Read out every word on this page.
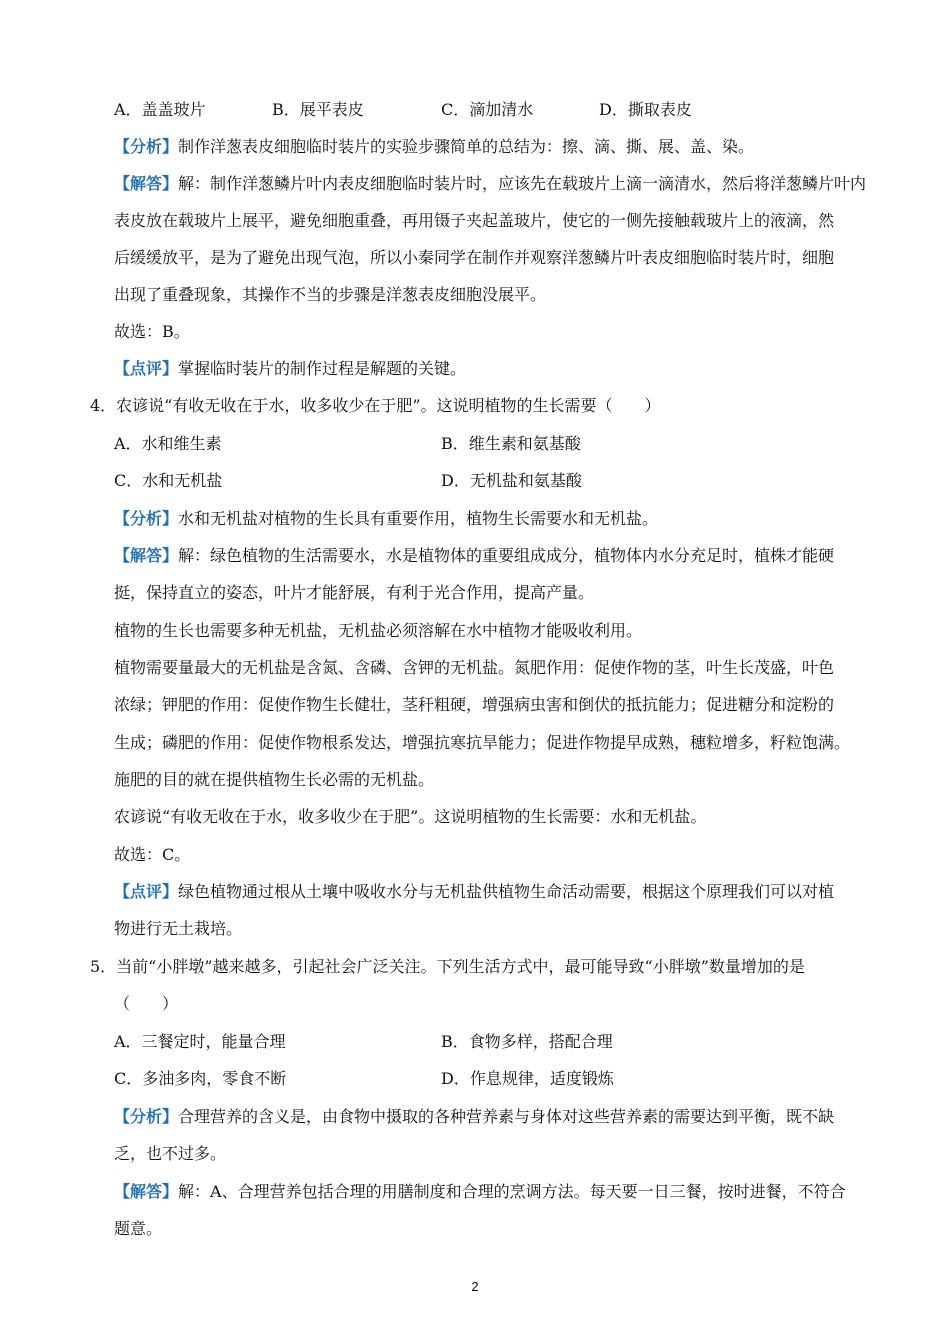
A．盖盖玻片	B．展平表皮	C．滴加清水	D．撕取表皮
【分析】制作洋葱表皮细胞临时装片的实验步骤简单的总结为：擦、滴、撕、展、盖、染。
【解答】解：制作洋葱鳞片叶内表皮细胞临时装片时，应该先在载玻片上滴一滴清水，然后将洋葱鳞片叶内
表皮放在载玻片上展平，避免细胞重叠，再用镊子夹起盖玻片，使它的一侧先接触载玻片上的液滴，然
后缓缓放平，是为了避免出现气泡，所以小秦同学在制作并观察洋葱鳞片叶表皮细胞临时装片时，细胞
出现了重叠现象，其操作不当的步骤是洋葱表皮细胞没展平。
故选：B。
【点评】掌握临时装片的制作过程是解题的关键。
4．农谚说“有收无收在于水，收多收少在于肥”。这说明植物的生长需要（　　）
A．水和维生素	B．维生素和氨基酸
C．水和无机盐	D．无机盐和氨基酸
【分析】水和无机盐对植物的生长具有重要作用，植物生长需要水和无机盐。
【解答】解：绿色植物的生活需要水，水是植物体的重要组成成分，植物体内水分充足时，植株才能硬
挺，保持直立的姿态，叶片才能舒展，有利于光合作用，提高产量。
植物的生长也需要多种无机盐，无机盐必须溶解在水中植物才能吸收利用。
植物需要量最大的无机盐是含氮、含磷、含钾的无机盐。氮肥作用：促使作物的茎，叶生长茂盛，叶色
浓绿；钾肥的作用：促使作物生长健壮，茎秆粗硬，增强病虫害和倒伏的抵抗能力；促进糖分和淀粉的
生成；磷肥的作用：促使作物根系发达，增强抗寒抗旱能力；促进作物提早成熟，穗粒增多，籽粒饱满。
施肥的目的就在提供植物生长必需的无机盐。
农谚说“有收无收在于水，收多收少在于肥”。这说明植物的生长需要：水和无机盐。
故选：C。
【点评】绿色植物通过根从土壤中吸收水分与无机盐供植物生命活动需要，根据这个原理我们可以对植
物进行无土栽培。
5．当前“小胖墩”越来越多，引起社会广泛关注。下列生活方式中，最可能导致“小胖墩”数量增加的是
（　　）
A．三餐定时，能量合理	B．食物多样，搭配合理
C．多油多肉，零食不断	D．作息规律，适度锻炼
【分析】合理营养的含义是，由食物中摄取的各种营养素与身体对这些营养素的需要达到平衡，既不缺
乏，也不过多。
【解答】解：A、合理营养包括合理的用膳制度和合理的烹调方法。每天要一日三餐，按时进餐，不符合
题意。
2
